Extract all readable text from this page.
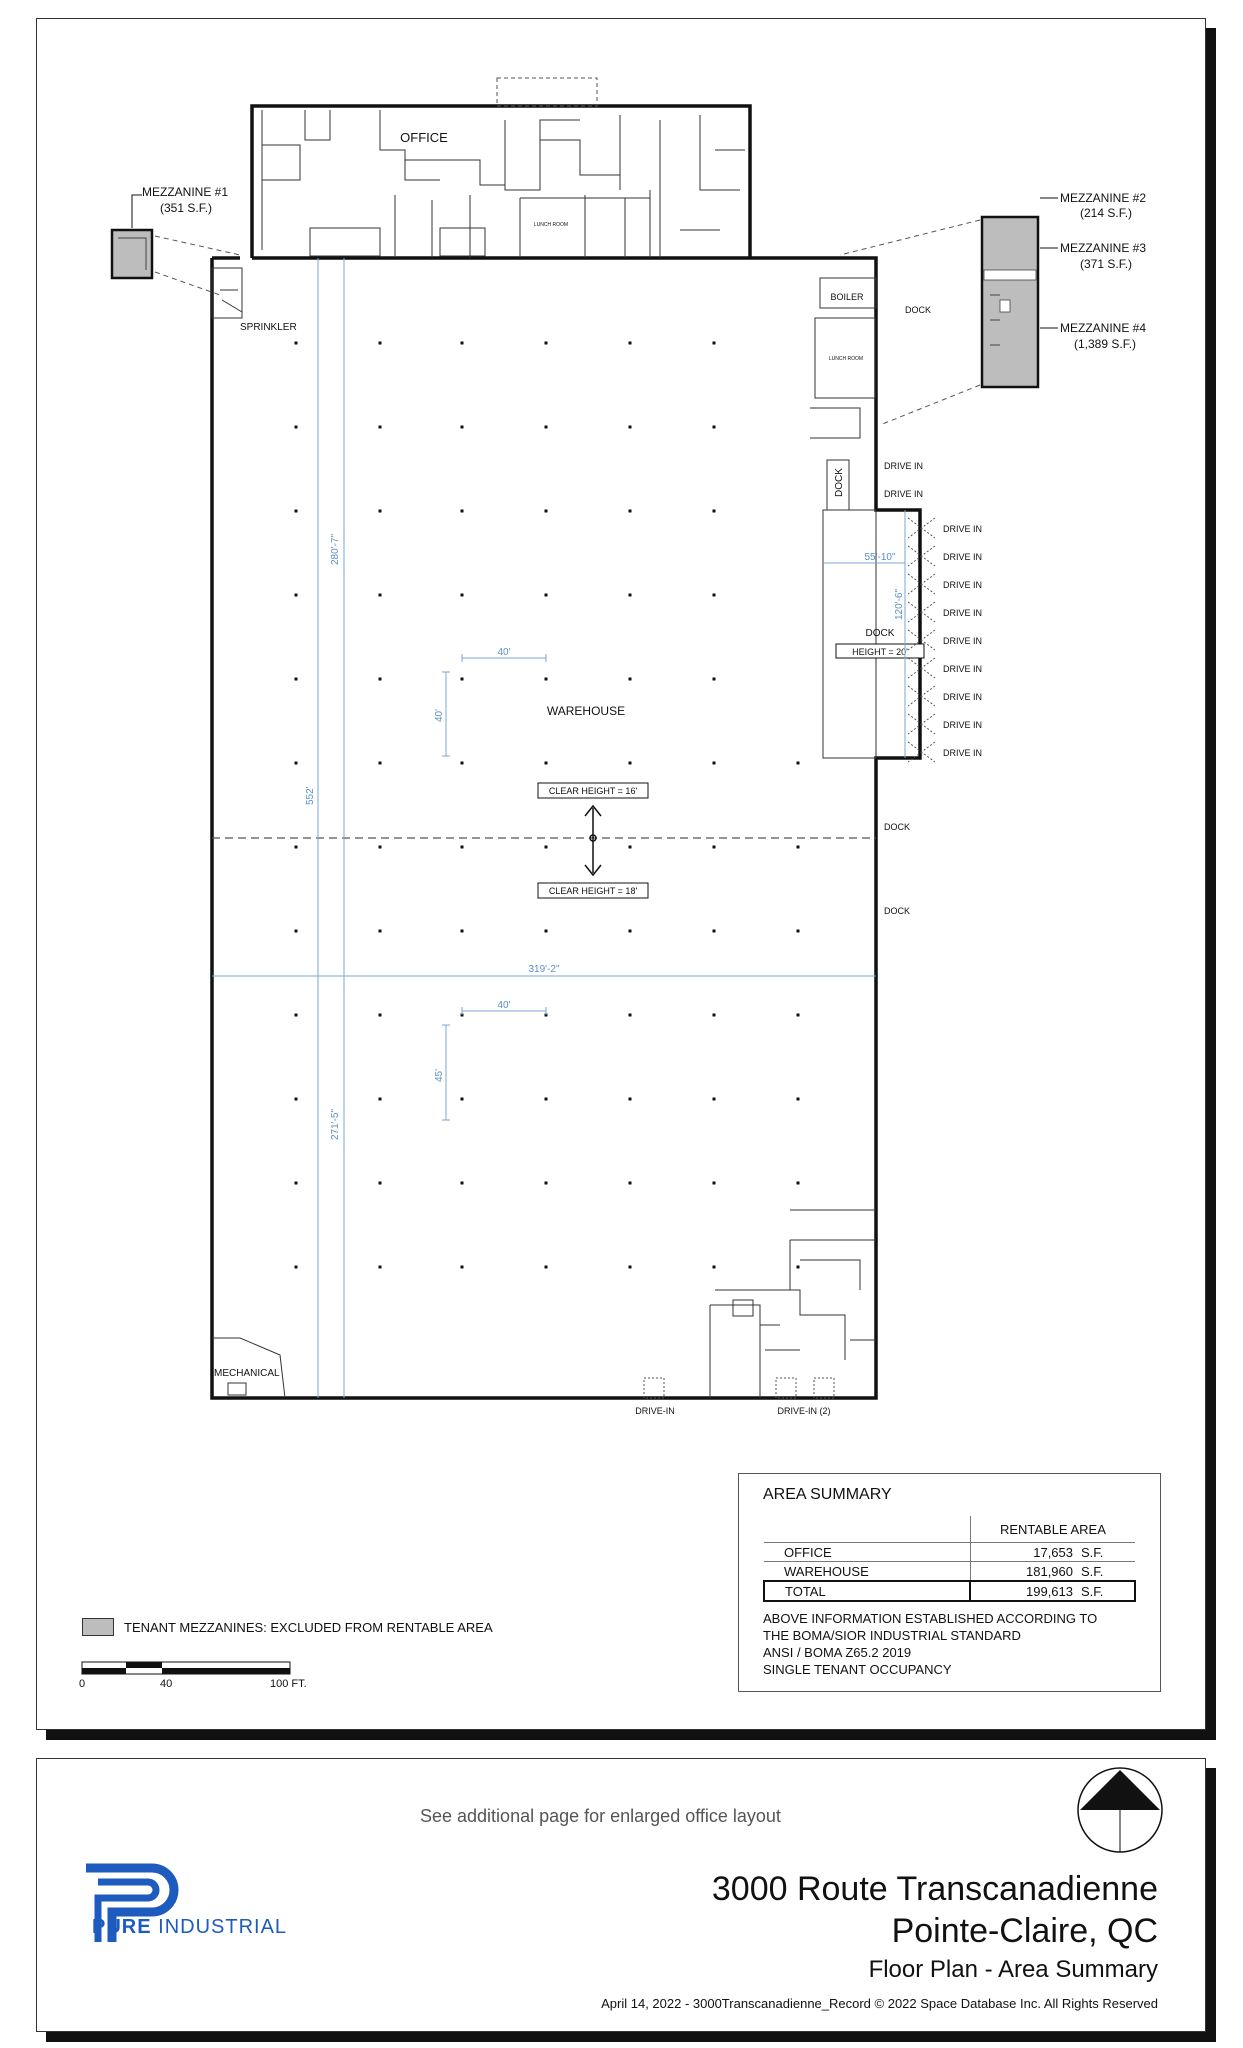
OFFICE
LUNCH ROOM
BOILER
LUNCH ROOM
DOCK
DOCK
HEIGHT = 20'
DRIVE IN
DRIVE IN
DRIVE IN
DRIVE IN
DRIVE IN
DRIVE IN
DRIVE IN
DRIVE IN
DRIVE IN
DOCK
DRIVE IN
DRIVE IN
DOCK
DOCK
DRIVE-IN	DRIVE-IN (2)
MECHANICAL
SPRINKLER
CLEAR HEIGHT = 16'
CLEAR HEIGHT = 18'
WAREHOUSE
280'-7"
552'
271'-5"
319'-2"
40'
40'
40'
45'
55'-10"
120'-6"
MEZZANINE #1
(351 S.F.)
MEZZANINE #2
(214 S.F.)
MEZZANINE #3
(371 S.F.)
MEZZANINE #4
(1,389 S.F.)
AREA SUMMARY
	RENTABLE AREA	
OFFICE	17,653	S.F.
WAREHOUSE	181,960	S.F.
TOTAL	199,613	S.F.
ABOVE INFORMATION ESTABLISHED ACCORDING TO
THE BOMA/SIOR INDUSTRIAL STANDARD
ANSI / BOMA Z65.2 2019
SINGLE TENANT OCCUPANCY
TENANT MEZZANINES: EXCLUDED FROM RENTABLE AREA
0	40	100 FT.
See additional page for enlarged office layout
PURE INDUSTRIAL
3000 Route Transcanadienne
Pointe-Claire, QC
Floor Plan - Area Summary
April 14, 2022 - 3000Transcanadienne_Record © 2022 Space Database Inc. All Rights Reserved
